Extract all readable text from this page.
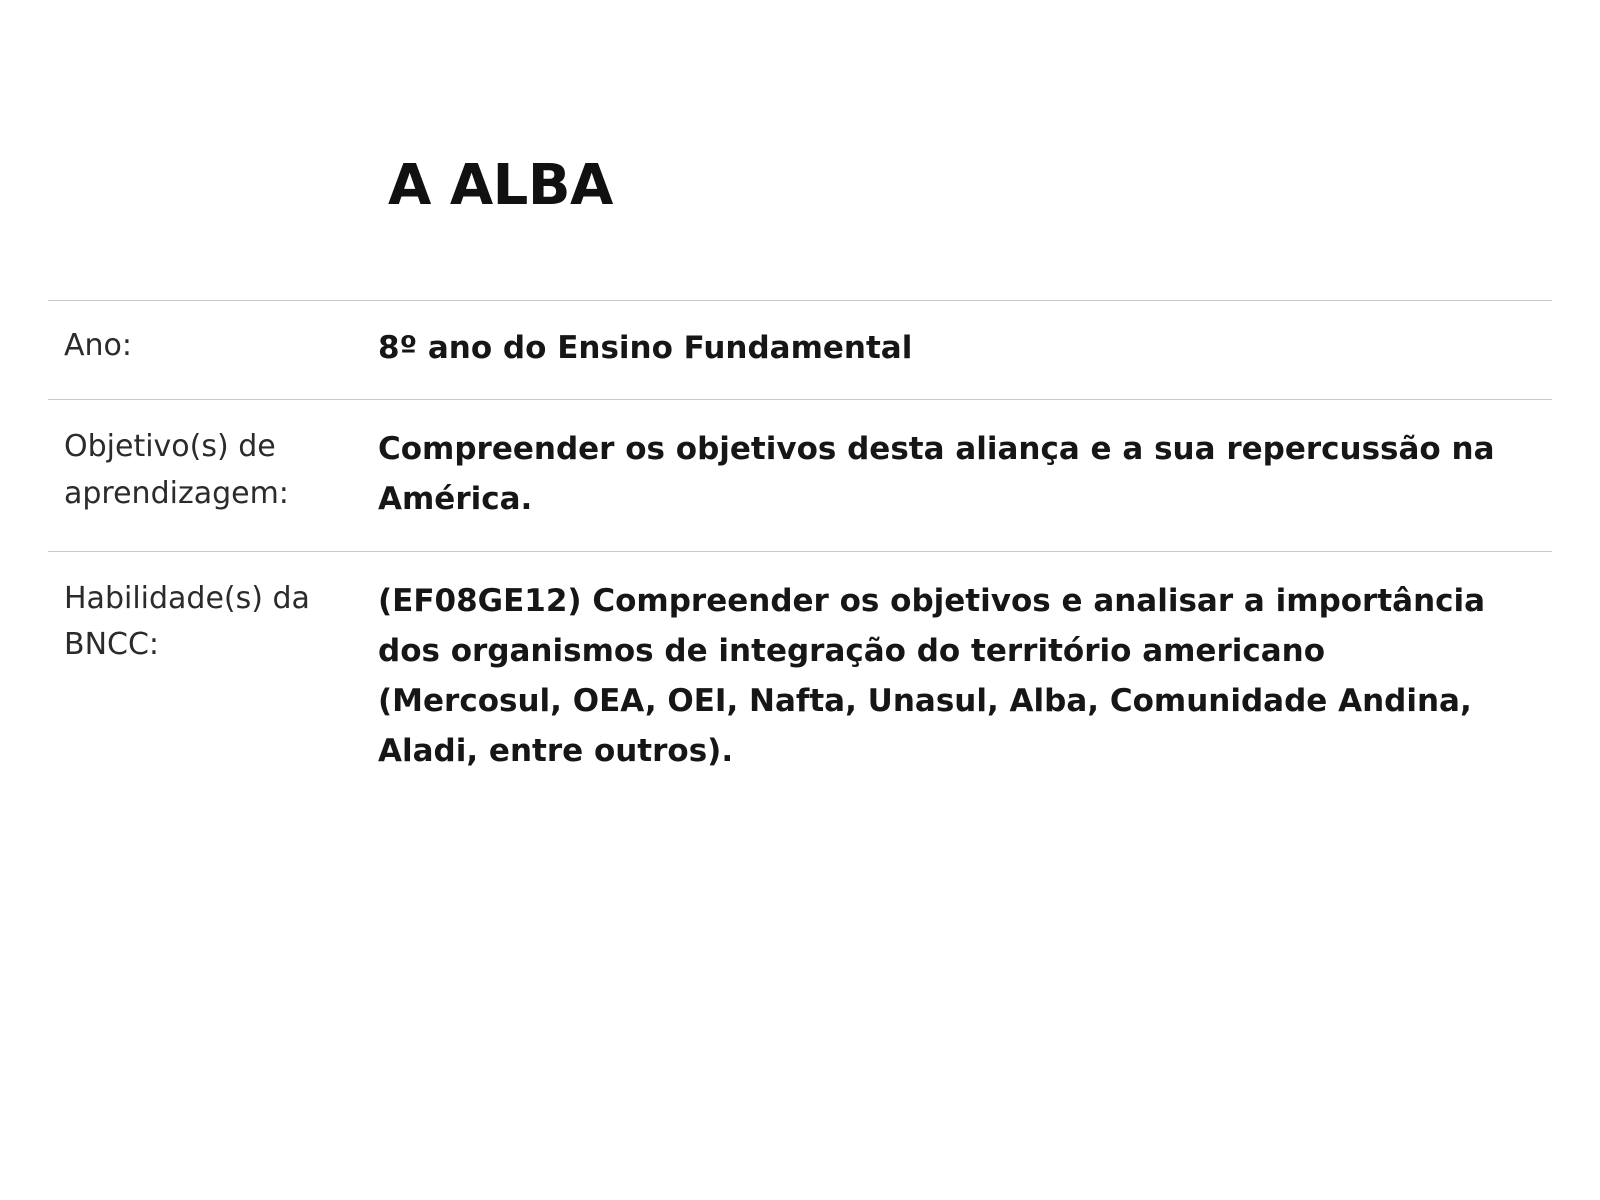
A ALBA
Ano:	8º ano do Ensino Fundamental
Objetivo(s) de aprendizagem:
Compreender os objetivos desta aliança e a sua repercussão na América.
Habilidade(s) da BNCC:
(EF08GE12) Compreender os objetivos e analisar a importância dos organismos de integração do território americano (Mercosul, OEA, OEI, Nafta, Unasul, Alba, Comunidade Andina, Aladi, entre outros).
